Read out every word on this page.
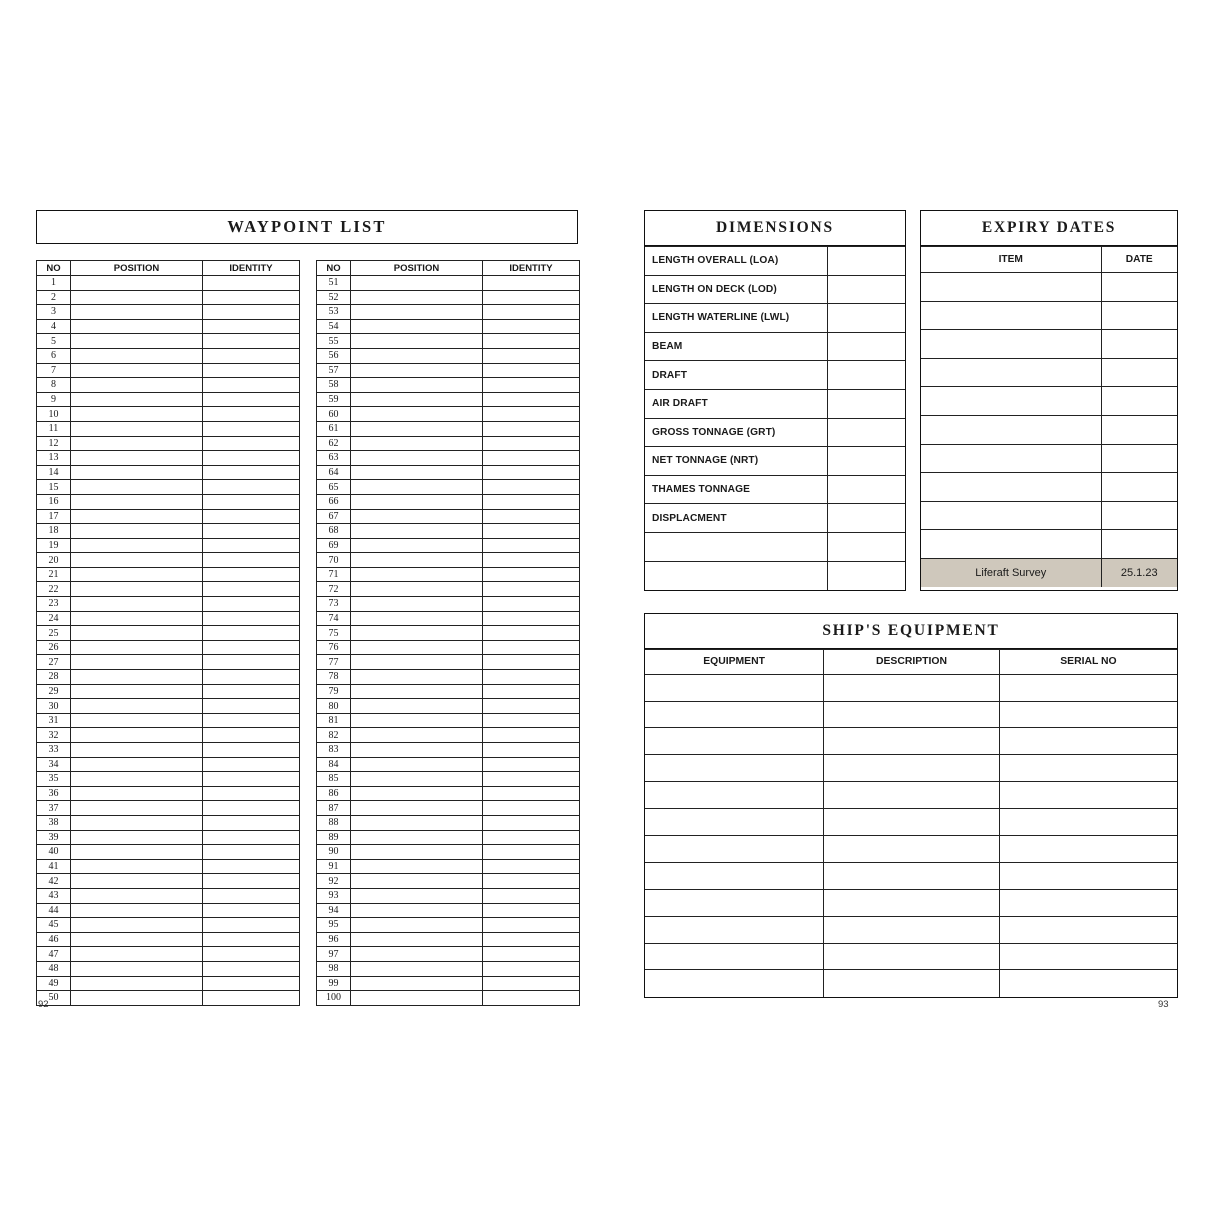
WAYPOINT LIST
NO	POSITION	IDENTITY
1		
2		
3		
4		
5		
6		
7		
8		
9		
10		
11		
12		
13		
14		
15		
16		
17		
18		
19		
20		
21		
22		
23		
24		
25		
26		
27		
28		
29		
30		
31		
32		
33		
34		
35		
36		
37		
38		
39		
40		
41		
42		
43		
44		
45		
46		
47		
48		
49		
50		
NO	POSITION	IDENTITY
51		
52		
53		
54		
55		
56		
57		
58		
59		
60		
61		
62		
63		
64		
65		
66		
67		
68		
69		
70		
71		
72		
73		
74		
75		
76		
77		
78		
79		
80		
81		
82		
83		
84		
85		
86		
87		
88		
89		
90		
91		
92		
93		
94		
95		
96		
97		
98		
99		
100		
DIMENSIONS
LENGTH OVERALL (LOA)	
LENGTH ON DECK (LOD)	
LENGTH WATERLINE (LWL)	
BEAM	
DRAFT	
AIR DRAFT	
GROSS TONNAGE (GRT)	
NET TONNAGE (NRT)	
THAMES TONNAGE	
DISPLACMENT	

EXPIRY DATES
ITEM	DATE

Liferaft Survey	25.1.23
SHIP'S EQUIPMENT
EQUIPMENT	DESCRIPTION	SERIAL NO

92	93
